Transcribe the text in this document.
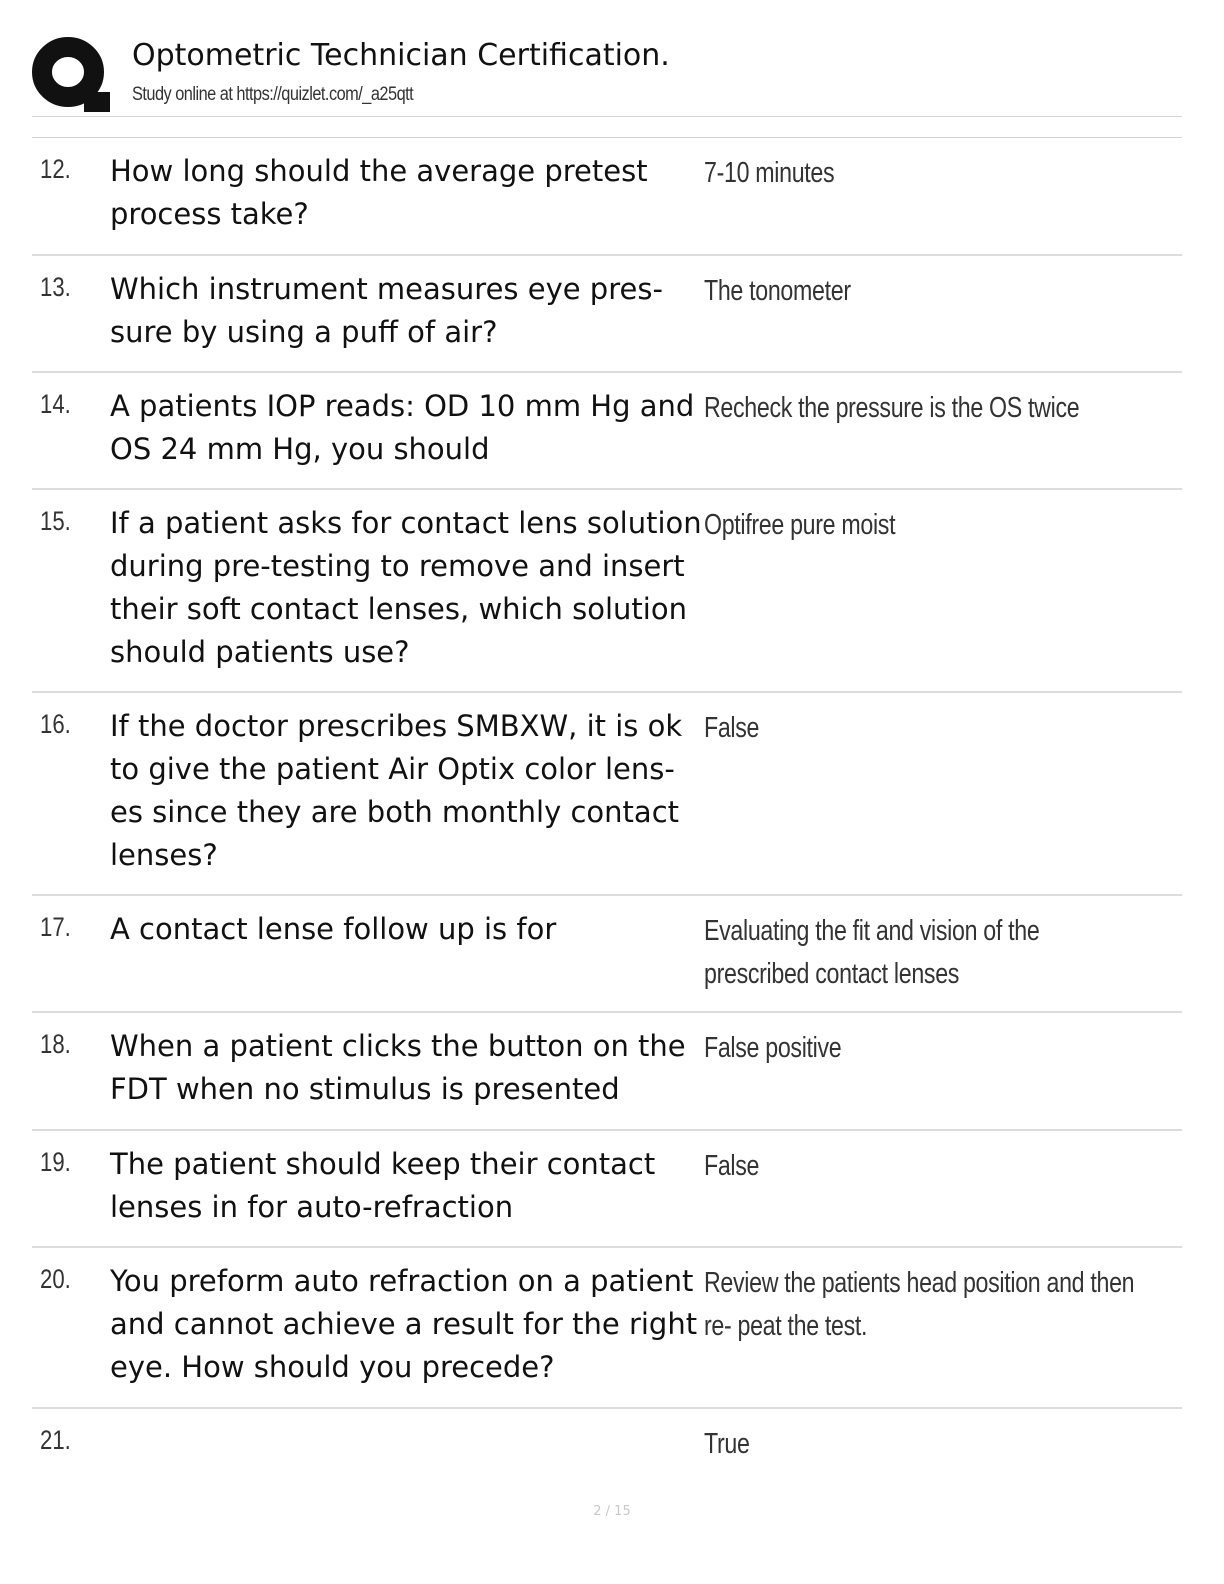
Optometric Technician Certification.
Study online at https://quizlet.com/_a25qtt
12. How long should the average pretest process take?
7-10 minutes
13. Which instrument measures eye pres- sure by using a puff of air?
The tonometer
14. A patients IOP reads: OD 10 mm Hg and OS 24 mm Hg, you should
Recheck the pressure is the OS twice
15. If a patient asks for contact lens solution during pre-testing to remove and insert their soft contact lenses, which solution should patients use?
Optifree pure moist
16. If the doctor prescribes SMBXW, it is ok to give the patient Air Optix color lens- es since they are both monthly contact lenses?
False
17. A contact lense follow up is for	Evaluating the fit and vision of the prescribed contact lenses
18. When a patient clicks the button on the FDT when no stimulus is presented
False positive
19. The patient should keep their contact lenses in for auto-refraction
False
20. You preform auto refraction on a patient and cannot achieve a result for the right eye. How should you precede?
Review the patients head position and then re- peat the test.
21.	True
2 / 15
